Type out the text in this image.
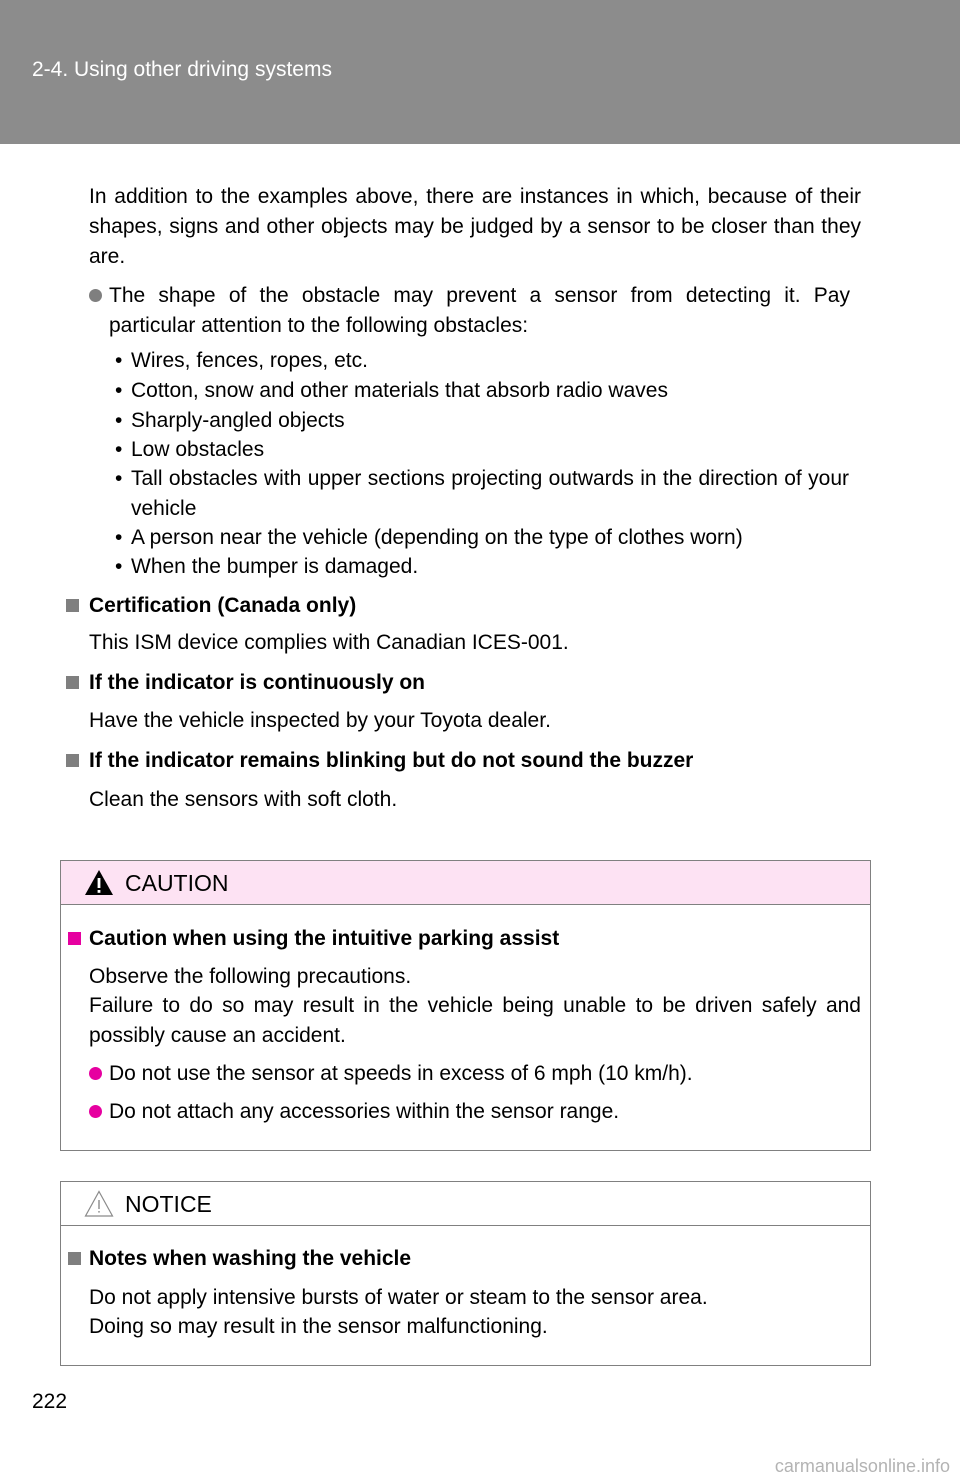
2-4. Using other driving systems
In addition to the examples above, there are instances in which, because of their shapes, signs and other objects may be judged by a sensor to be closer than they are.
The shape of the obstacle may prevent a sensor from detecting it. Pay particular attention to the following obstacles:
• Wires, fences, ropes, etc.
• Cotton, snow and other materials that absorb radio waves
• Sharply-angled objects
• Low obstacles
• Tall obstacles with upper sections projecting outwards in the direction of your vehicle
• A person near the vehicle (depending on the type of clothes worn)
• When the bumper is damaged.
Certification (Canada only)
This ISM device complies with Canadian ICES-001.
If the indicator is continuously on
Have the vehicle inspected by your Toyota dealer.
If the indicator remains blinking but do not sound the buzzer
Clean the sensors with soft cloth.
CAUTION
Caution when using the intuitive parking assist
Observe the following precautions.
Failure to do so may result in the vehicle being unable to be driven safely and possibly cause an accident.
Do not use the sensor at speeds in excess of 6 mph (10 km/h).
Do not attach any accessories within the sensor range.
NOTICE
Notes when washing the vehicle
Do not apply intensive bursts of water or steam to the sensor area.
Doing so may result in the sensor malfunctioning.
222
carmanualsonline.info
